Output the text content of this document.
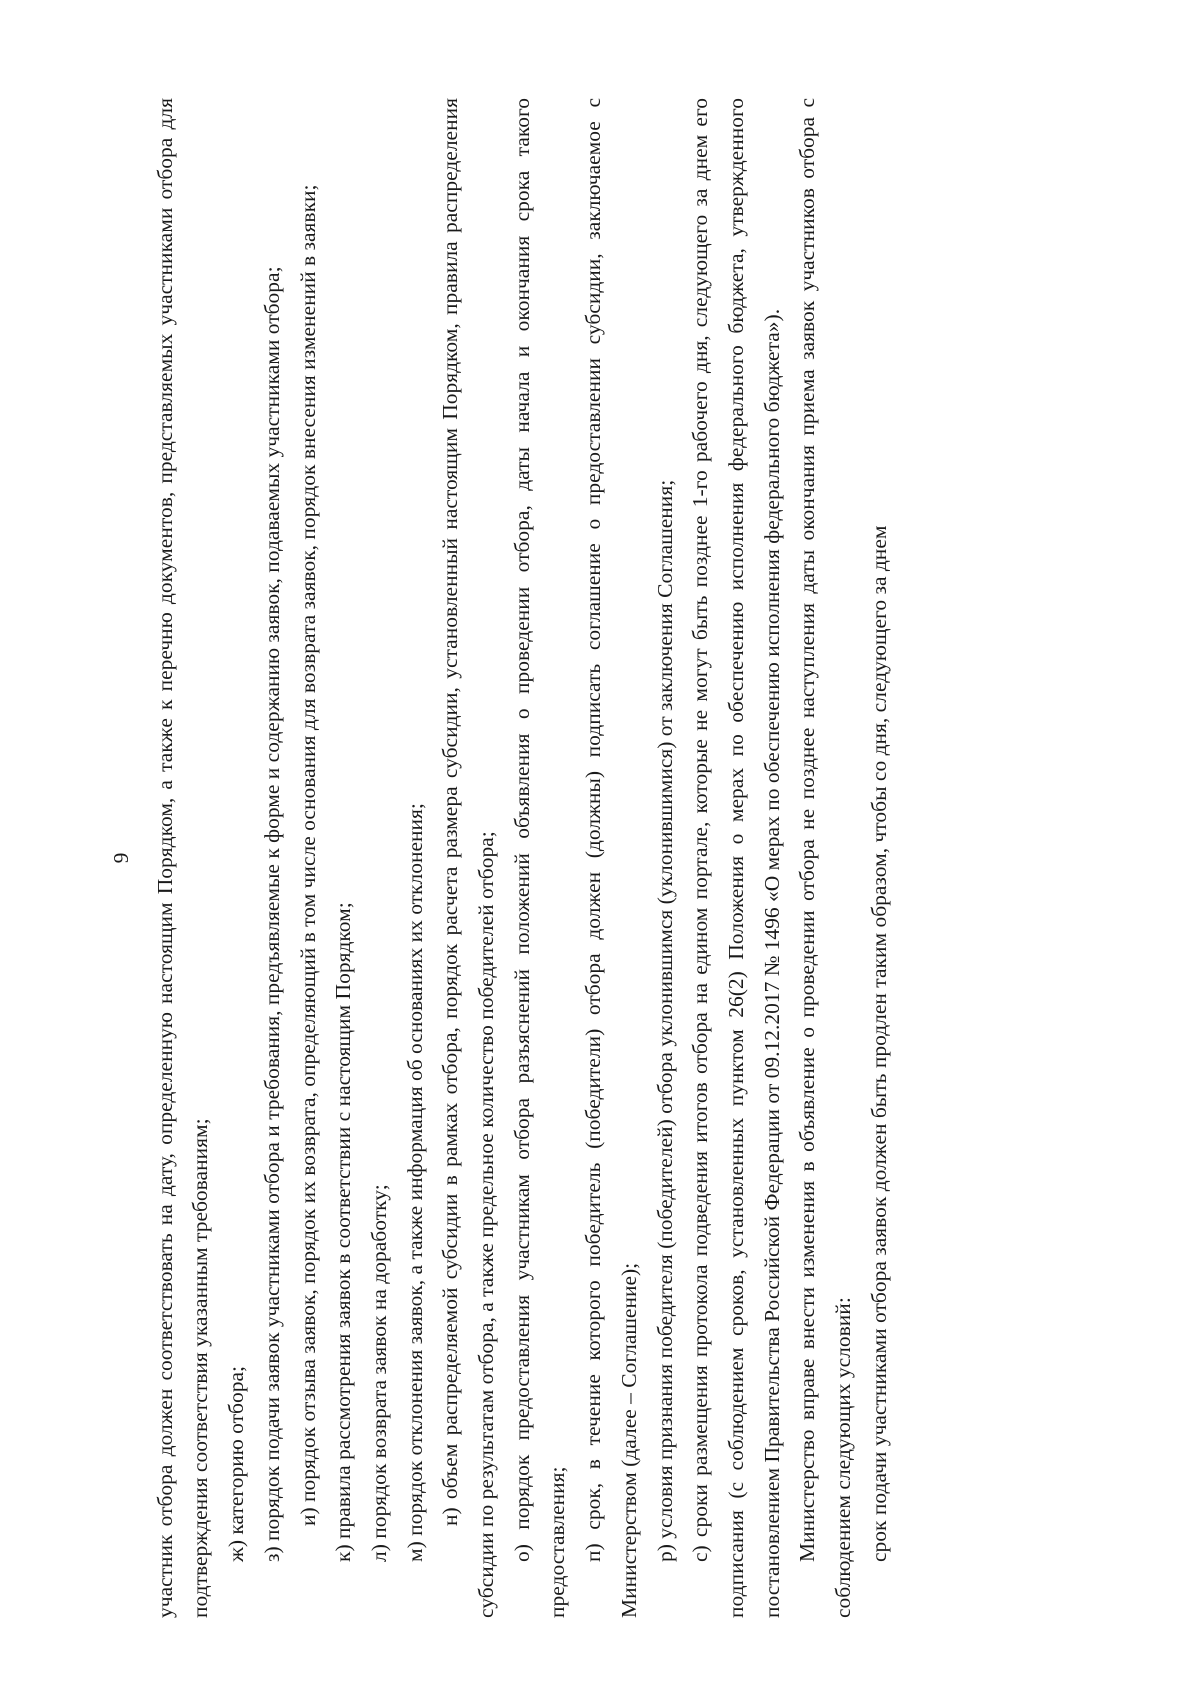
9 участник отбора должен соответствовать на дату, определенную настоящим Порядком, а также к перечню документов, представляемых участниками отбора для подтверждения соответствия указанным требованиям; ж) категорию отбора; з) порядок подачи заявок участниками отбора и требования, предъявляемые к форме и содержанию заявок, подаваемых участниками отбора; и) порядок отзыва заявок, порядок их возврата, определяющий в том числе основания для возврата заявок, порядок внесения изменений в заявки; к) правила рассмотрения заявок в соответствии с настоящим Порядком; л) порядок возврата заявок на доработку; м) порядок отклонения заявок, а также информация об основаниях их отклонения; н) объем распределяемой субсидии в рамках отбора, порядок расчета размера субсидии, установленный настоящим Порядком, правила распределения субсидии по результатам отбора, а также предельное количество победителей отбора; о) порядок предоставления участникам отбора разъяснений положений объявления о проведении отбора, даты начала и окончания срока такого предоставления; п) срок, в течение которого победитель (победители) отбора должен (должны) подписать соглашение о предоставлении субсидии, заключаемое с Министерством (далее – Соглашение); р) условия признания победителя (победителей) отбора уклонившимся (уклонившимися) от заключения Соглашения; с) сроки размещения протокола подведения итогов отбора на едином портале, которые не могут быть позднее 1-го рабочего дня, следующего за днем его подписания (с соблюдением сроков, установленных пунктом 26(2) Положения о мерах по обеспечению исполнения федерального бюджета, утвержденного постановлением Правительства Российской Федерации от 09.12.2017 № 1496 «О мерах по обеспечению исполнения федерального бюджета»). Министерство вправе внести изменения в объявление о проведении отбора не позднее наступления даты окончания приема заявок участников отбора с соблюдением следующих условий: срок подачи участниками отбора заявок должен быть продлен таким образом, чтобы со дня, следующего за днем
